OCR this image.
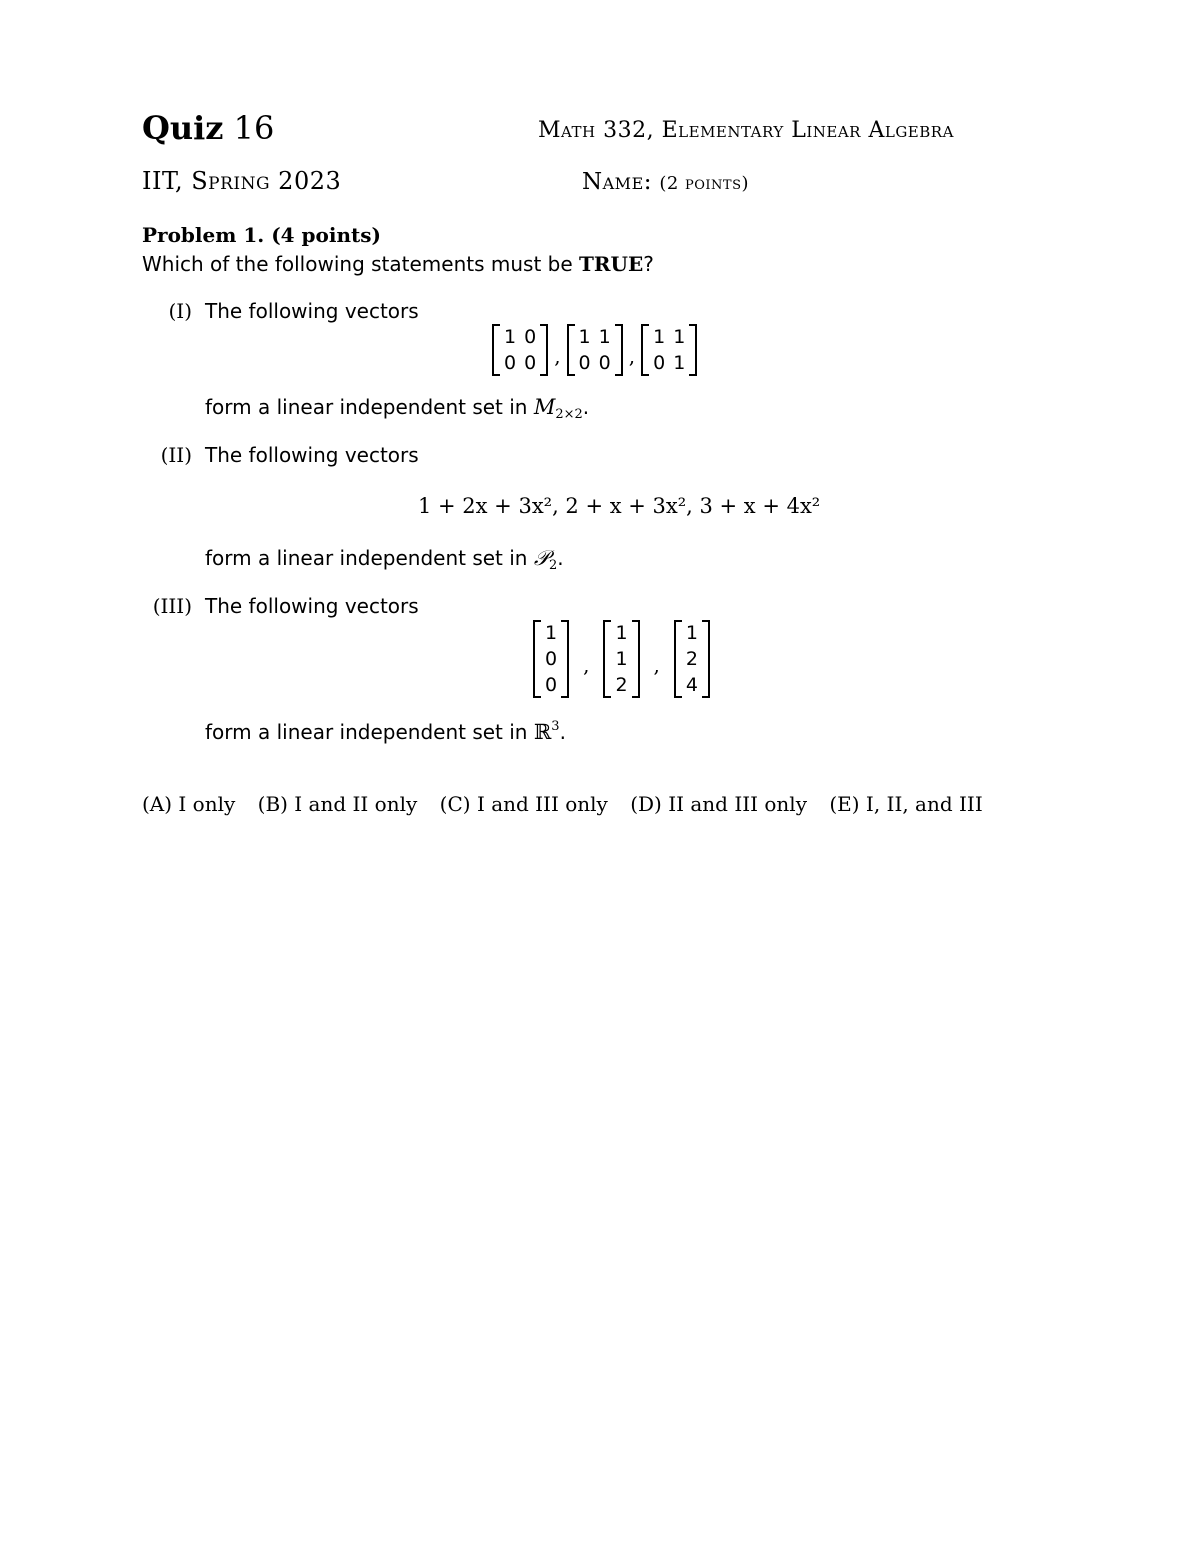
Quiz 16	Math 332, Elementary Linear Algebra
IIT, Spring 2023	Name: (2 points)
Problem 1. (4 points)
Which of the following statements must be TRUE?
(I) The following vectors
1	0
0	0 ,
1	1
0	0 ,
1	1
0	1
form a linear independent set in $M_{2\times 2}$.
(II) The following vectors
1 + 2x + 3x², 2 + x + 3x², 3 + x + 4x²
form a linear independent set in 𝒫$_2$.
(III) The following vectors
1
0
0
,
1
1
2
,
1
2
4
form a linear independent set in ℝ$^3$.
(A) I only (B) I and II only (C) I and III only (D) II and III only (E) I, II, and III
